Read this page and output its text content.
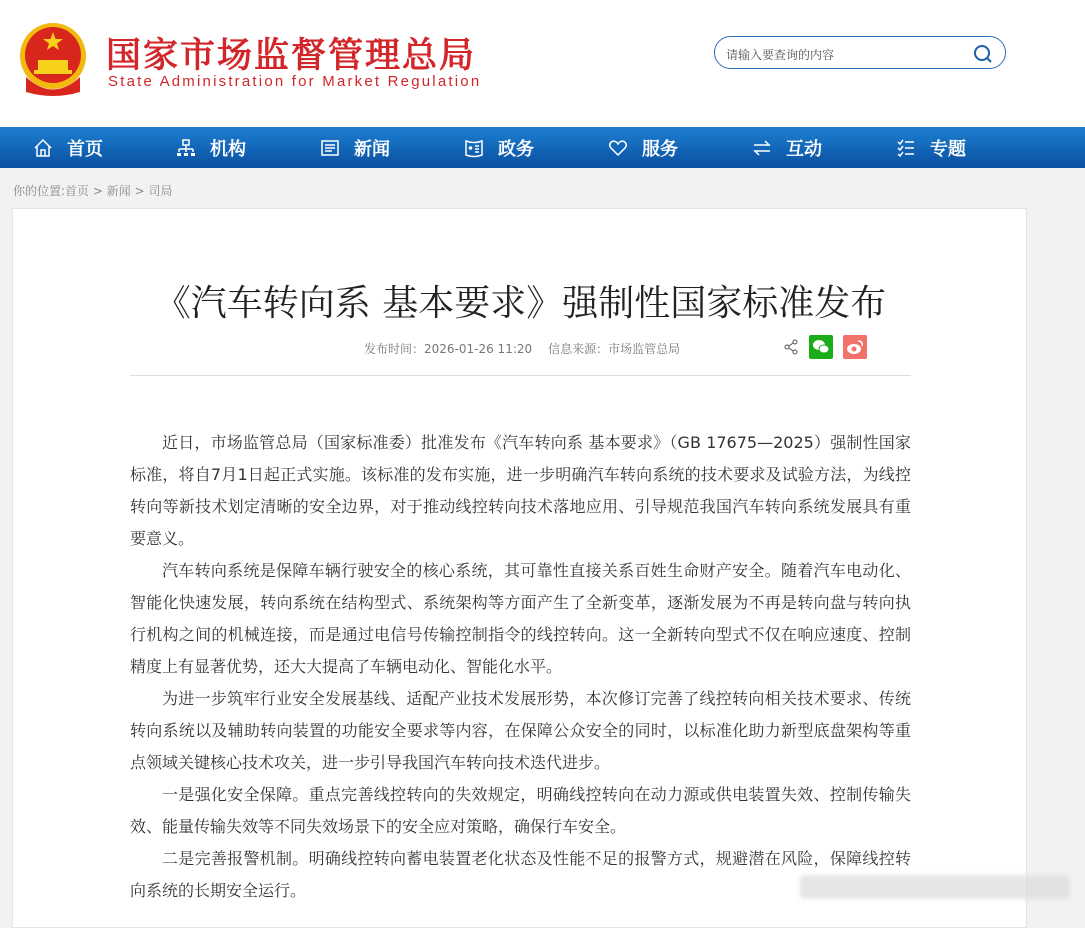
国家市场监督管理总局
State Administration for Market Regulation
请输入要查询的内容
首页	机构	新闻	政务	服务	互动	专题
你的位置:首页 > 新闻 > 司局
《汽车转向系 基本要求》强制性国家标准发布
发布时间：2026-01-26 11:20 信息来源：市场监管总局

近日，市场监管总局（国家标准委）批准发布《汽车转向系 基本要求》（GB 17675—2025）强制性国家标准，将自7月1日起正式实施。该标准的发布实施，进一步明确汽车转向系统的技术要求及试验方法，为线控转向等新技术划定清晰的安全边界，对于推动线控转向技术落地应用、引导规范我国汽车转向系统发展具有重要意义。

汽车转向系统是保障车辆行驶安全的核心系统，其可靠性直接关系百姓生命财产安全。随着汽车电动化、智能化快速发展，转向系统在结构型式、系统架构等方面产生了全新变革，逐渐发展为不再是转向盘与转向执行机构之间的机械连接，而是通过电信号传输控制指令的线控转向。这一全新转向型式不仅在响应速度、控制精度上有显著优势，还大大提高了车辆电动化、智能化水平。

为进一步筑牢行业安全发展基线、适配产业技术发展形势，本次修订完善了线控转向相关技术要求、传统转向系统以及辅助转向装置的功能安全要求等内容，在保障公众安全的同时，以标准化助力新型底盘架构等重点领域关键核心技术攻关，进一步引导我国汽车转向技术迭代进步。

一是强化安全保障。重点完善线控转向的失效规定，明确线控转向在动力源或供电装置失效、控制传输失效、能量传输失效等不同失效场景下的安全应对策略，确保行车安全。

二是完善报警机制。明确线控转向蓄电装置老化状态及性能不足的报警方式，规避潜在风险，保障线控转向系统的长期安全运行。
